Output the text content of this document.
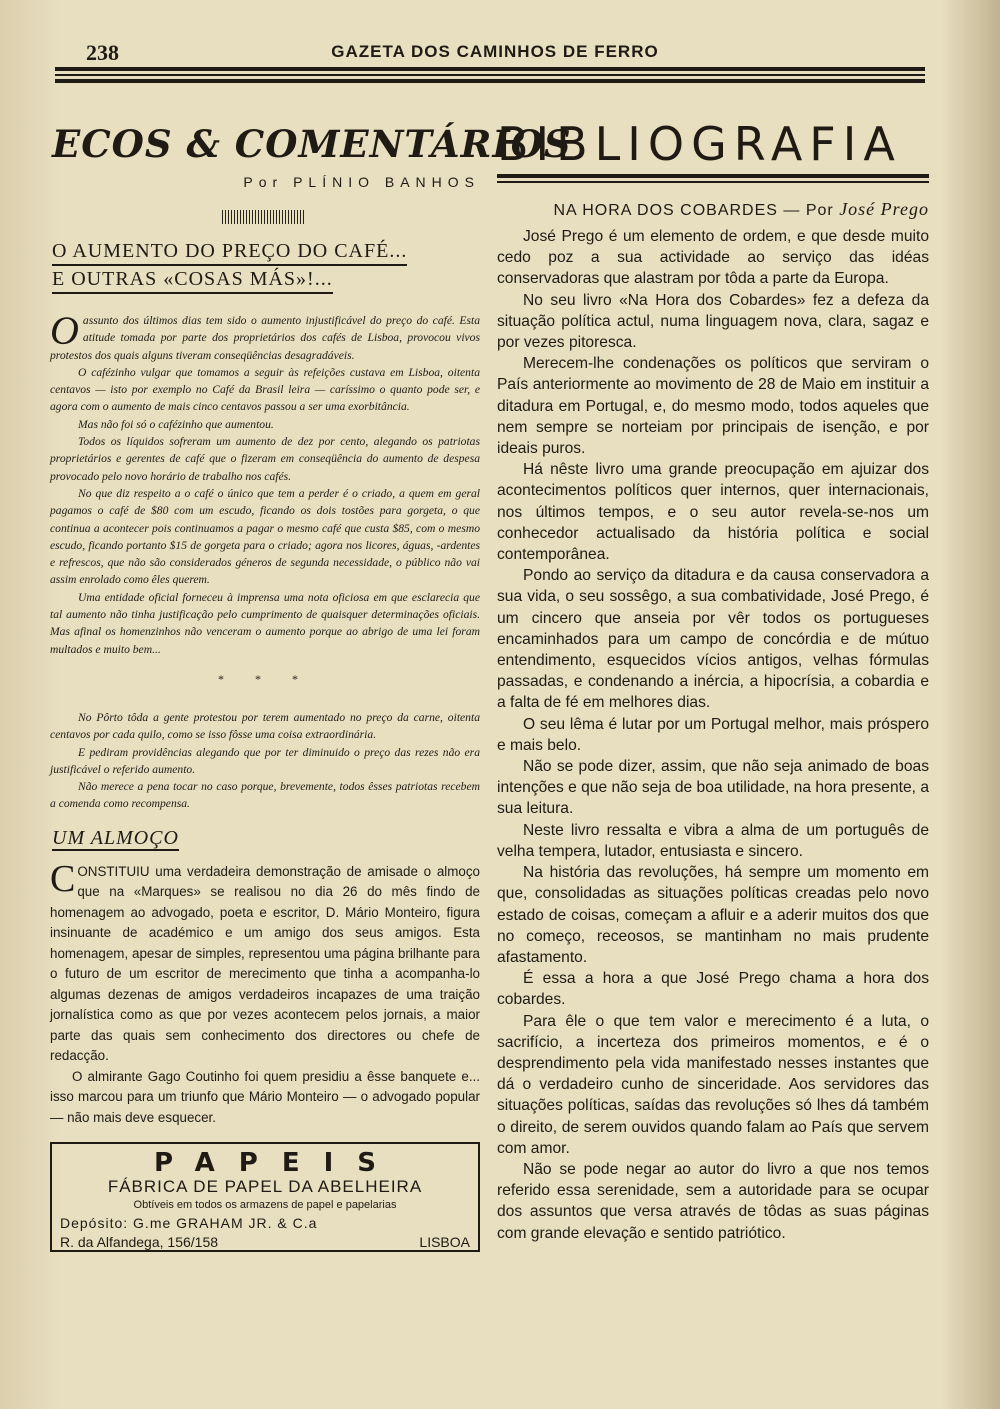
238	GAZETA DOS CAMINHOS DE FERRO
ECOS & COMENTÁRIOS
Por PLÍNIO BANHOS
O AUMENTO DO PREÇO DO CAFÉ...
E OUTRAS «COSAS MÁS»!...

Oassunto dos últimos dias tem sido o aumento injustificável do preço do café. Esta atitude tomada por parte dos proprietários dos cafés de Lisboa, provocou vivos protestos dos quais alguns tiveram conseqüências desagradáveis.

O cafézinho vulgar que tomamos a seguir às refeições custava em Lisboa, oitenta centavos — isto por exemplo no Café da Brasil leira — caríssimo o quanto pode ser, e agora com o aumento de mais cinco centavos passou a ser uma exorbitância.

Mas não foi só o cafézinho que aumentou.

Todos os líquidos sofreram um aumento de dez por cento, alegando os patriotas proprietários e gerentes de café que o fizeram em conseqüência do aumento de despesa provocado pelo novo horário de trabalho nos cafés.

No que diz respeito a o café o único que tem a perder é o criado, a quem em geral pagamos o café de $80 com um escudo, ficando os dois tostões para gorgeta, o que continua a acontecer pois continuamos a pagar o mesmo café que custa $85, com o mesmo escudo, ficando portanto $15 de gorgeta para o criado; agora nos licores, águas, -ardentes e refrescos, que não são considerados géneros de segunda necessidade, o público não vai assim enrolado como êles querem.

Uma entidade oficial forneceu à imprensa uma nota oficiosa em que esclarecia que tal aumento não tinha justificação pelo cumprimento de quaisquer determinações oficiais. Mas afinal os homenzinhos não venceram o aumento porque ao abrigo de uma lei foram multados e muito bem...

* * *

No Pôrto tôda a gente protestou por terem aumentado no preço da carne, oitenta centavos por cada quilo, como se isso fôsse uma coisa extraordinária.

E pediram providências alegando que por ter diminuido o preço das rezes não era justificável o referido aumento.

Não merece a pena tocar no caso porque, brevemente, todos êsses patriotas recebem a comenda como recompensa.

UM ALMOÇO

CONSTITUIU uma verdadeira demonstração de amisade o almoço que na «Marques» se realisou no dia 26 do mês findo de homenagem ao advogado, poeta e escritor, D. Mário Monteiro, figura insinuante de académico e um amigo dos seus amigos. Esta homenagem, apesar de simples, representou uma página brilhante para o futuro de um escritor de merecimento que tinha a acompanha-lo algumas dezenas de amigos verdadeiros incapazes de uma traição jornalística como as que por vezes acontecem pelos jornais, a maior parte das quais sem conhecimento dos directores ou chefe de redacção.

O almirante Gago Coutinho foi quem presidiu a êsse banquete e... isso marcou para um triunfo que Mário Monteiro — o advogado popular — não mais deve esquecer.

PAPEIS
FÁBRICA DE PAPEL DA ABELHEIRA
Obtíveis em todos os armazens de papel e papelarias
Depósito: G.me GRAHAM JR. & C.a
R. da Alfandega, 156/158	LISBOA
BIBLIOGRAFIA
NA HORA DOS COBARDES — Por José Prego

José Prego é um elemento de ordem, e que desde muito cedo poz a sua actividade ao serviço das idéas conservadoras que alastram por tôda a parte da Europa.

No seu livro «Na Hora dos Cobardes» fez a defeza da situação política actul, numa linguagem nova, clara, sagaz e por vezes pitoresca.

Merecem-lhe condenações os políticos que serviram o País anteriormente ao movimento de 28 de Maio em instituir a ditadura em Portugal, e, do mesmo modo, todos aqueles que nem sempre se norteiam por principais de isenção, e por ideais puros.

Há nêste livro uma grande preocupação em ajuizar dos acontecimentos políticos quer internos, quer internacionais, nos últimos tempos, e o seu autor revela-se-nos um conhecedor actualisado da história política e social contemporânea.

Pondo ao serviço da ditadura e da causa conservadora a sua vida, o seu sossêgo, a sua combatividade, José Prego, é um cincero que anseia por vêr todos os portugueses encaminhados para um campo de concórdia e de mútuo entendimento, esquecidos vícios antigos, velhas fórmulas passadas, e condenando a inércia, a hipocrísia, a cobardia e a falta de fé em melhores dias.

O seu lêma é lutar por um Portugal melhor, mais próspero e mais belo.

Não se pode dizer, assim, que não seja animado de boas intenções e que não seja de boa utilidade, na hora presente, a sua leitura.

Neste livro ressalta e vibra a alma de um português de velha tempera, lutador, entusiasta e sincero.

Na história das revoluções, há sempre um momento em que, consolidadas as situações políticas creadas pelo novo estado de coisas, começam a afluir e a aderir muitos dos que no começo, receosos, se mantinham no mais prudente afastamento.

É essa a hora a que José Prego chama a hora dos cobardes.

Para êle o que tem valor e merecimento é a luta, o sacrifício, a incerteza dos primeiros momentos, e é o desprendimento pela vida manifestado nesses instantes que dá o verdadeiro cunho de sinceridade. Aos servidores das situações políticas, saídas das revoluções só lhes dá também o direito, de serem ouvidos quando falam ao País que servem com amor.

Não se pode negar ao autor do livro a que nos temos referido essa serenidade, sem a autoridade para se ocupar dos assuntos que versa através de tôdas as suas páginas com grande elevação e sentido patriótico.
